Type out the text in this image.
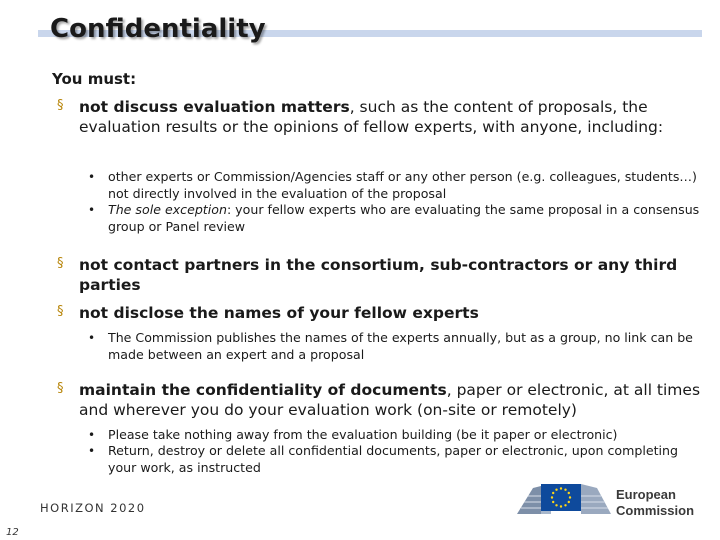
Confidentiality

You must:

§ not discuss evaluation matters, such as the content of proposals, the evaluation results or the opinions of fellow experts, with anyone, including:
• other experts or Commission/Agencies staff or any other person (e.g. colleagues, students…) not directly involved in the evaluation of the proposal
• The sole exception: your fellow experts who are evaluating the same proposal in a consensus group or Panel review
§ not contact partners in the consortium, sub-contractors or any third parties
§ not disclose the names of your fellow experts
• The Commission publishes the names of the experts annually, but as a group, no link can be made between an expert and a proposal
§ maintain the confidentiality of documents, paper or electronic, at all times and wherever you do your evaluation work (on-site or remotely)
• Please take nothing away from the evaluation building (be it paper or electronic)
• Return, destroy or delete all confidential documents, paper or electronic, upon completing your work, as instructed
HORIZON 2020
12
European
Commission
